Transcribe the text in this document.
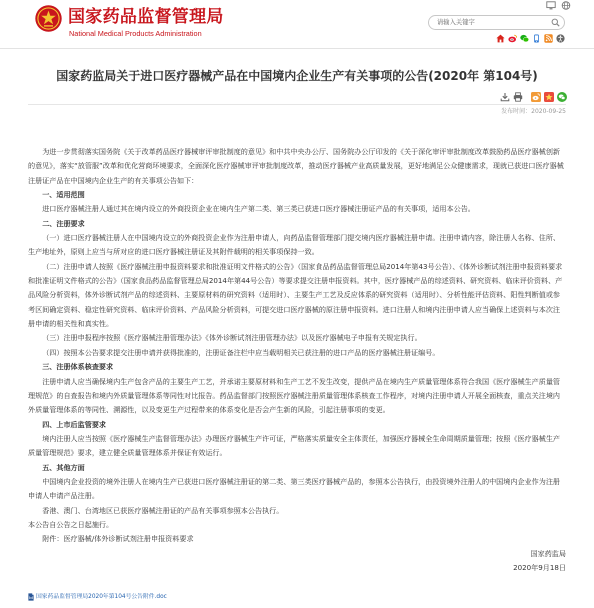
国家药品监督管理局
National Medical Products Administration
请输入关键字
国家药监局关于进口医疗器械产品在中国境内企业生产有关事项的公告(2020年 第104号)
发布时间：2020-09-25

为进一步贯彻落实国务院《关于改革药品医疗器械审评审批制度的意见》和中共中央办公厅、国务院办公厅印发的《关于深化审评审批制度改革鼓励药品医疗器械创新的意见》，落实“放管服”改革和优化营商环境要求，全面深化医疗器械审评审批制度改革，推动医疗器械产业高质量发展，更好地满足公众健康需求，现就已获进口医疗器械注册证产品在中国境内企业生产的有关事项公告如下：

一、适用范围

进口医疗器械注册人通过其在境内设立的外商投资企业在境内生产第二类、第三类已获进口医疗器械注册证产品的有关事项，适用本公告。

二、注册要求

（一）进口医疗器械注册人在中国境内设立的外商投资企业作为注册申请人，向药品监督管理部门提交境内医疗器械注册申请。注册申请内容，除注册人名称、住所、生产地址外，原则上应当与所对应的进口医疗器械注册证及其附件载明的相关事项保持一致。

（二）注册申请人按照《医疗器械注册申报资料要求和批准证明文件格式的公告》（国家食品药品监督管理总局2014年第43号公告）、《体外诊断试剂注册申报资料要求和批准证明文件格式的公告》（国家食品药品监督管理总局2014年第44号公告）等要求提交注册申报资料。其中，医疗器械产品的综述资料、研究资料、临床评价资料、产品风险分析资料，体外诊断试剂产品的综述资料、主要原材料的研究资料（适用时）、主要生产工艺及反应体系的研究资料（适用时）、分析性能评估资料、阳性判断值或参考区间确定资料、稳定性研究资料、临床评价资料、产品风险分析资料，可提交进口医疗器械的原注册申报资料。进口注册人和境内注册申请人应当确保上述资料与本次注册申请的相关性和真实性。

（三）注册申报程序按照《医疗器械注册管理办法》《体外诊断试剂注册管理办法》以及医疗器械电子申报有关规定执行。

（四）按照本公告要求提交注册申请并获得批准的，注册证备注栏中应当载明相关已获注册的进口产品的医疗器械注册证编号。

三、注册体系核查要求

注册申请人应当确保境内生产包含产品的主要生产工艺，并承诺主要原材料和生产工艺不发生改变，提供产品在境内生产质量管理体系符合我国《医疗器械生产质量管理规范》的自查报告和境内外质量管理体系等同性对比报告。药品监督部门按照医疗器械注册质量管理体系核查工作程序，对境内注册申请人开展全面核查，重点关注境内外质量管理体系的等同性、溯源性，以及变更生产过程带来的体系变化是否会产生新的风险，引起注册事项的变更。

四、上市后监管要求

境内注册人应当按照《医疗器械生产监督管理办法》办理医疗器械生产许可证，严格落实质量安全主体责任，加强医疗器械全生命周期质量管理；按照《医疗器械生产质量管理规范》要求，建立健全质量管理体系并保证有效运行。

五、其他方面

中国境内企业投资的境外注册人在境内生产已获进口医疗器械注册证的第二类、第三类医疗器械产品的，参照本公告执行，由投资境外注册人的中国境内企业作为注册申请人申请产品注册。

香港、澳门、台湾地区已获医疗器械注册证的产品有关事项参照本公告执行。

本公告自公告之日起施行。

附件：医疗器械/体外诊断试剂注册申报资料要求

国家药监局

2020年9月18日

国家药品监督管理局2020年第104号公告附件.doc
